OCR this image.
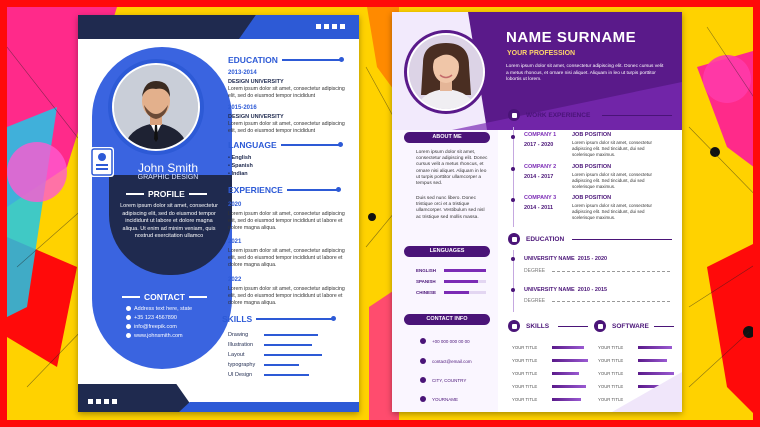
John Smith
GRAPHIC DESIGN
PROFILE
Lorem ipsum dolor sit amet, consectetur adipiscing elit, sed do eiusmod tempor incididunt ut labore et dolore magna aliqua. Ut enim ad minim veniam, quis nostrud exercitation ullamco
CONTACT
Address text here, state
+35 123 4567890
info@freepik.com
www.johnsmith.com
EDUCATION
2013-2014
DESIGN UNIVERSITY
Lorem ipsum dolor sit amet, consectetur adipiscing elit, sed do eiusmod tempor incididunt
2015-2016
DESIGN UNIVERSITY
Lorem ipsum dolor sit amet, consectetur adipiscing elit, sed do eiusmod tempor incididunt
LANGUAGE
• English
• Spanish
• Indian
EXPERIENCE
2020
Lorem ipsum dolor sit amet, consectetur adipiscing elit, sed do eiusmod tempor incididunt ut labore et dolore magna aliqua.
2021
Lorem ipsum dolor sit amet, consectetur adipiscing elit, sed do eiusmod tempor incididunt ut labore et dolore magna aliqua.
2022
Lorem ipsum dolor sit amet, consectetur adipiscing elit, sed do eiusmod tempor incididunt ut labore et dolore magna aliqua.
SKILLS
Drawing
Illustration
Layout
typography
UI Design
NAME SURNAME
YOUR PROFESSION
Lorem ipsum dolor sit amet, consectetur adipiscing elit. Donec cursus velit a metus rhoncus, et ornare nisi aliquet. Aliquam in leo ut turpis porttitor lobortis ut lorem.
ABOUT ME
Lorem ipsum dolor sit amet, consectetur adipiscing elit. Donec cursus velit a metus rhoncus, et ornare nisi aliquet. Aliquam in leo ut turpis porttitor ullamcorper a tempus sed.
Duis sed nunc libero. Donec tristique orci et a tristique ullamcorper. Vestibulum sed nisl ac tristique sed mollis massa.
LENGUAGES
ENGLISH
SPANISH
CHINESE
CONTACT INFO
+00 000 000 00 00
contact@email.com
CITY, COUNTRY
YOURNAME
WORK EXPERIENCE
COMPANY 1
2017 - 2020
JOB POSITION
Lorem ipsum dolor sit amet, consectetur adipiscing elit. Sed tincidunt, dui sed scelerisque maximus.
COMPANY 2
2014 - 2017
JOB POSITION
Lorem ipsum dolor sit amet, consectetur adipiscing elit. Sed tincidunt, dui sed scelerisque maximus.
COMPANY 3
2014 - 2011
JOB POSITION
Lorem ipsum dolor sit amet, consectetur adipiscing elit. Sed tincidunt, dui sed scelerisque maximus.
EDUCATION
UNIVERSITY NAME 2015 - 2020
DEGREE
UNIVERSITY NAME 2010 - 2015
DEGREE
SKILLS	SOFTWARE
YOUR TITLE
YOUR TITLE
YOUR TITLE
YOUR TITLE
YOUR TITLE
YOUR TITLE
YOUR TITLE
YOUR TITLE
YOUR TITLE
YOUR TITLE
